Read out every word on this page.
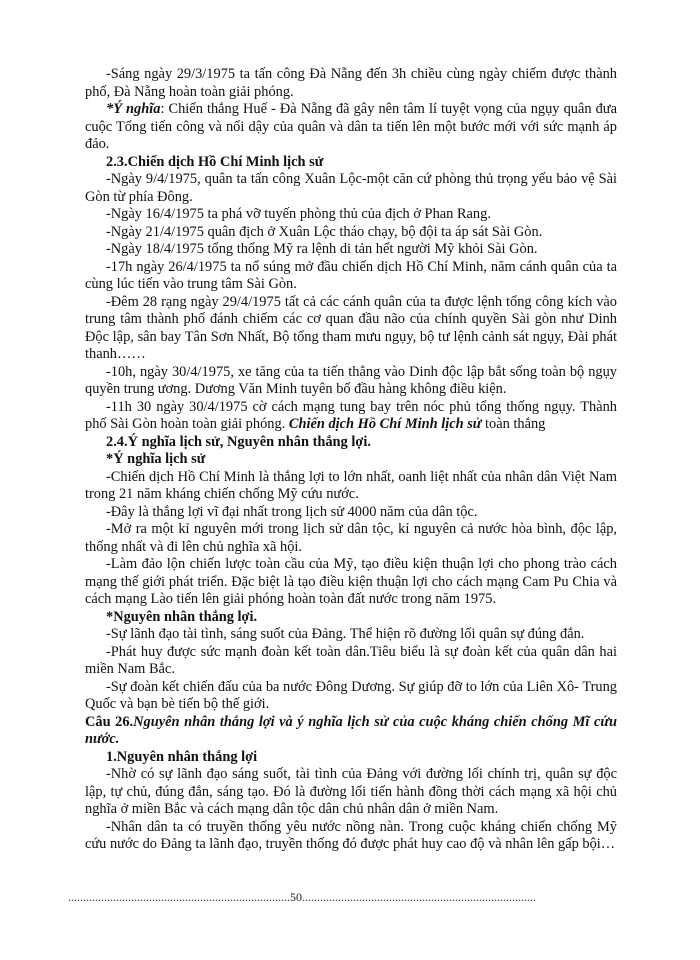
-Sáng ngày 29/3/1975 ta tấn công Đà Nẵng đến 3h chiều cùng ngày chiếm được thành phố, Đà Nẵng hoàn toàn giải phóng.

*Ý nghĩa: Chiến thắng Huế - Đà Nẵng đã gây nên tâm lí tuyệt vọng của ngụy quân đưa cuộc Tổng tiến công và nổi dậy của quân và dân ta tiến lên một bước mới với sức mạnh áp đảo.

2.3.Chiến dịch Hồ Chí Minh lịch sử

-Ngày 9/4/1975, quân ta tấn công Xuân Lộc-một căn cứ phòng thủ trọng yếu bảo vệ Sài Gòn từ phía Đông.

-Ngày 16/4/1975 ta phá vỡ tuyến phòng thủ của địch ở Phan Rang.

-Ngày 21/4/1975 quân địch ở Xuân Lộc tháo chạy, bộ đội ta áp sát Sài Gòn.

-Ngày 18/4/1975 tổng thống Mỹ ra lệnh di tản hết người Mỹ khỏi Sài Gòn.

-17h ngày 26/4/1975 ta nổ súng mở đầu chiến dịch Hồ Chí Minh, năm cánh quân của ta cùng lúc tiến vào trung tâm Sài Gòn.

-Đêm 28 rạng ngày 29/4/1975 tất cả các cánh quân của ta được lệnh tổng công kích vào trung tâm thành phố đánh chiếm các cơ quan đầu não của chính quyền Sài gòn như Dinh Độc lập, sân bay Tân Sơn Nhất, Bộ tổng tham mưu ngụy, bộ tư lệnh cảnh sát ngụy, Đài phát thanh……

-10h, ngày 30/4/1975, xe tăng của ta tiến thẳng vào Dinh độc lập bắt sống toàn bộ ngụy quyền trung ương. Dương Văn Minh tuyên bố đầu hàng không điều kiện.

-11h 30 ngày 30/4/1975 cờ cách mạng tung bay trên nóc phủ tổng thống ngụy. Thành phố Sài Gòn hoàn toàn giải phóng. Chiến dịch Hồ Chí Minh lịch sử toàn thắng

2.4.Ý nghĩa lịch sử, Nguyên nhân thắng lợi.

*Ý nghĩa lịch sử

-Chiến dịch Hồ Chí Minh là thắng lợi to lớn nhất, oanh liệt nhất của nhân dân Việt Nam trong 21 năm kháng chiến chống Mỹ cứu nước.

-Đây là thắng lợi vĩ đại nhất trong lịch sử 4000 năm của dân tộc.

-Mở ra một kỉ nguyên mới trong lịch sử dân tộc, kỉ nguyên cả nước hòa bình, độc lập, thống nhất và đi lên chủ nghĩa xã hội.

-Làm đảo lộn chiến lược toàn cầu của Mỹ, tạo điều kiện thuận lợi cho phong trào cách mạng thế giới phát triển. Đặc biệt là tạo điều kiện thuận lợi cho cách mạng Cam Pu Chia và cách mạng Lào tiến lên giải phóng hoàn toàn đất nước trong năm 1975.

*Nguyên nhân thắng lợi.

-Sự lãnh đạo tài tình, sáng suốt của Đảng. Thể hiện rõ đường lối quân sự đúng đắn.

-Phát huy được sức mạnh đoàn kết toàn dân.Tiêu biểu là sự đoàn kết của quân dân hai miền Nam Bắc.

-Sự đoàn kết chiến đấu của ba nước Đông Dương. Sự giúp đỡ to lớn của Liên Xô- Trung Quốc và bạn bè tiến bộ thế giới.

Câu 26.Nguyên nhân thắng lợi và ý nghĩa lịch sử của cuộc kháng chiến chống Mĩ cứu nước.

1.Nguyên nhân thắng lợi

-Nhờ có sự lãnh đạo sáng suốt, tài tình của Đảng với đường lối chính trị, quân sự độc lập, tự chủ, đúng đắn, sáng tạo. Đó là đường lối tiến hành đồng thời cách mạng xã hội chủ nghĩa ở miền Bắc và cách mạng dân tộc dân chủ nhân dân ở miền Nam.

-Nhân dân ta có truyền thống yêu nước nồng nàn. Trong cuộc kháng chiến chống Mỹ cứu nước do Đảng ta lãnh đạo, truyền thống đó được phát huy cao độ và nhân lên gấp bội…

..........................................................................50..............................................................................
